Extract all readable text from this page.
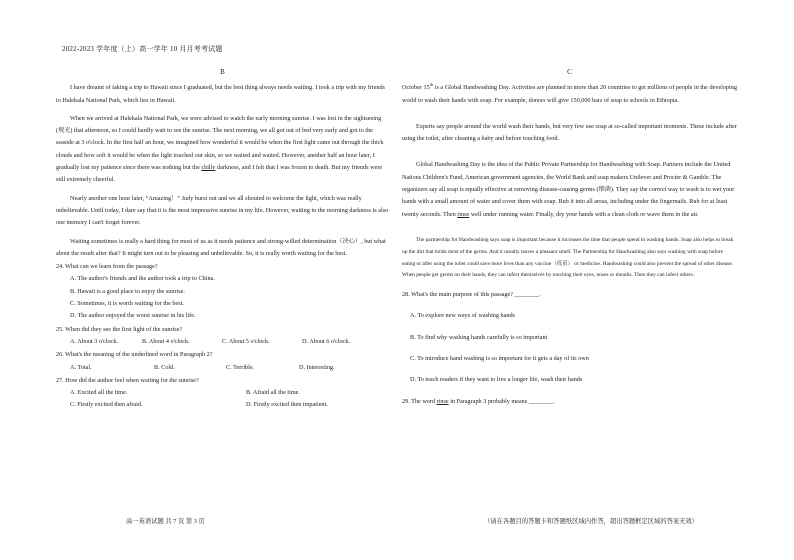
2022-2023 学年度（上）高一学年 10 月月考考试题
B

I have dreamt of taking a trip to Hawaii since I graduated, but the best thing always needs waiting. I took a trip with my friends to Halekala National Park, which lies in Hawaii.

When we arrived at Halekala National Park, we were advised to watch the early morning sunrise. I was lost in the sightseeing (观光) that afternoon, so I could hardly wait to see the sunrise. The next morning, we all got out of bed very early and got to the seaside at 3 o'clock. In the first half an hour, we imagined how wonderful it would be when the first light came out through the thick clouds and how soft it would be when the light touched our skin, so we waited and waited. However, another half an hour later, I gradually lost my patience since there was nothing but the chilly darkness, and I felt that I was frozen to death. But my friends were still extremely cheerful.

Nearly another one hour later, “Amazing！” Judy burst out and we all shouted to welcome the light, which was really unbelievable. Until today, I dare say that it is the most impressive sunrise in my life. However, waiting in the morning darkness is also one memory I can't forget forever.

Waiting sometimes is really a hard thing for most of us as it needs patience and strong-willed determination（决心）, but what about the result after that? It might turn out to be pleasing and unbelievable. So, it is really worth waiting for the best.

24. What can we learn from the passage?

A. The author's friends and the author took a trip to China.

B. Hawaii is a good place to enjoy the sunrise.

C. Sometimes, it is worth waiting for the best.

D. The author enjoyed the worst sunrise in his life.

25. When did they see the first light of the sunrise?

A. About 3 o'clock.	B. About 4 o'clock.	C. About 5 o'clock.	D. About 6 o'clock.

26. What's the meaning of the underlined word in Paragraph 2?

A. Total.	B. Cold.	C. Terrible.	D. Interesting.

27. How did the author feel when waiting for the sunrise?

A. Excited all the time.	B. Afraid all the time.
C. Firstly excited then afraid.	D. Firstly excited then impatient.
C

October 15th is a Global Handwashing Day. Activities are planned in more than 20 countries to get millions of people in the developing world to wash their hands with soap. For example, donors will give 150,000 bars of soap to schools in Ethiopia.

Experts say people around the world wash their hands, but very few use soap at so-called important moments. These include after using the toilet, after cleaning a baby and before touching food.

Global Handwashing Day is the idea of the Public Private Partnership for Handwashing with Soap. Partners include the United Nations Children's Fund, American government agencies, the World Bank and soap makers Unilever and Procter & Gamble. The organizers say all soap is equally effective at removing disease-causing germs (细菌). They say the correct way to wash is to wet your hands with a small amount of water and cover them with soap. Rub it into all areas, including under the fingernails. Rub for at least twenty seconds. Then rinse well under running water. Finally, dry your hands with a clean cloth or wave them in the air.

The partnership for Handwashing says soap is important because it increases the time that people spend in washing hands. Soap also helps to break up the dirt that holds most of the germs. And it usually leaves a pleasant smell. The Partnership for Handwashing also says washing with soap before eating or after using the toilet could save more lives than any vaccine（疫苗） or medicine. Handwashing could also prevent the spread of other disease. When people get germs on their hands, they can infect themselves by touching their eyes, noses or mouths. Then they can infect others.

28. What's the main purpose of this passage? ________.

A. To explore new ways of washing hands

B. To find why washing hands carefully is so important

C. To introduce hand washing is so important for it gets a day of its own

D. To teach readers if they want to live a longer life, wash their hands

29. The word rinse in Paragraph 3 probably means ________.

高一英语试题 共 7 页 第 3 页	（请在各题目的答题卡和答题纸区域内作答，超出答题框定区域的答案无效）
